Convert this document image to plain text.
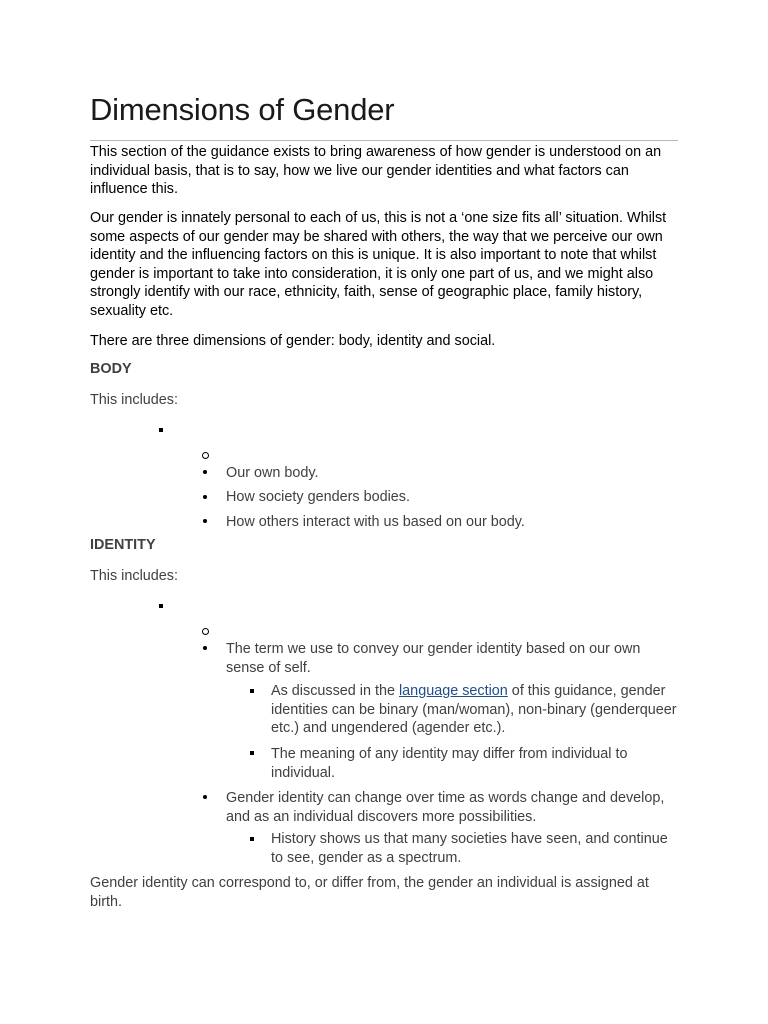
Dimensions of Gender

This section of the guidance exists to bring awareness of how gender is understood on an individual basis, that is to say, how we live our gender identities and what factors can influence this.

Our gender is innately personal to each of us, this is not a ‘one size fits all’ situation. Whilst some aspects of our gender may be shared with others, the way that we perceive our own identity and the influencing factors on this is unique. It is also important to note that whilst gender is important to take into consideration, it is only one part of us, and we might also strongly identify with our race, ethnicity, faith, sense of geographic place, family history, sexuality etc.

There are three dimensions of gender: body, identity and social.

BODY

This includes:

Our own body.

How society genders bodies.

How others interact with us based on our body.

IDENTITY

This includes:

The term we use to convey our gender identity based on our own sense of self.

As discussed in the language section of this guidance, gender identities can be binary (man/woman), non-binary (genderqueer etc.) and ungendered (agender etc.).

The meaning of any identity may differ from individual to individual.

Gender identity can change over time as words change and develop, and as an individual discovers more possibilities.

History shows us that many societies have seen, and continue to see, gender as a spectrum.

Gender identity can correspond to, or differ from, the gender an individual is assigned at birth.
